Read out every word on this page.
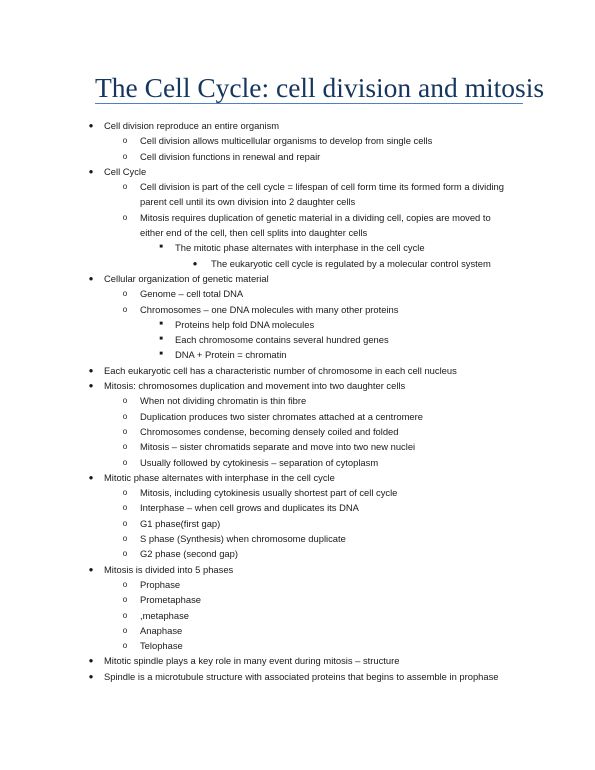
The Cell Cycle: cell division and mitosis
● Cell division reproduce an entire organism
o Cell division allows multicellular organisms to develop from single cells
o Cell division functions in renewal and repair
● Cell Cycle
o Cell division is part of the cell cycle = lifespan of cell form time its formed form a dividing
parent cell until its own division into 2 daughter cells
o Mitosis requires duplication of genetic material in a dividing cell, copies are moved to
either end of the cell, then cell splits into daughter cells
■	The mitotic phase alternates with interphase in the cell cycle
● The eukaryotic cell cycle is regulated by a molecular control system
● Cellular organization of genetic material
o Genome – cell total DNA
o Chromosomes – one DNA molecules with many other proteins
■	Proteins help fold DNA molecules
■	Each chromosome contains several hundred genes
■	DNA + Protein = chromatin
● Each eukaryotic cell has a characteristic number of chromosome in each cell nucleus
● Mitosis: chromosomes duplication and movement into two daughter cells
o When not dividing chromatin is thin fibre
o Duplication produces two sister chromates attached at a centromere
o Chromosomes condense, becoming densely coiled and folded
o Mitosis – sister chromatids separate and move into two new nuclei
o Usually followed by cytokinesis – separation of cytoplasm
● Mitotic phase alternates with interphase in the cell cycle
o Mitosis, including cytokinesis usually shortest part of cell cycle
o Interphase – when cell grows and duplicates its DNA
o G1 phase(first gap)
o S phase (Synthesis) when chromosome duplicate
o G2 phase (second gap)
● Mitosis is divided into 5 phases
o Prophase
o Prometaphase
o ,metaphase
o Anaphase
o Telophase
● Mitotic spindle plays a key role in many event during mitosis – structure
● Spindle is a microtubule structure with associated proteins that begins to assemble in prophase
